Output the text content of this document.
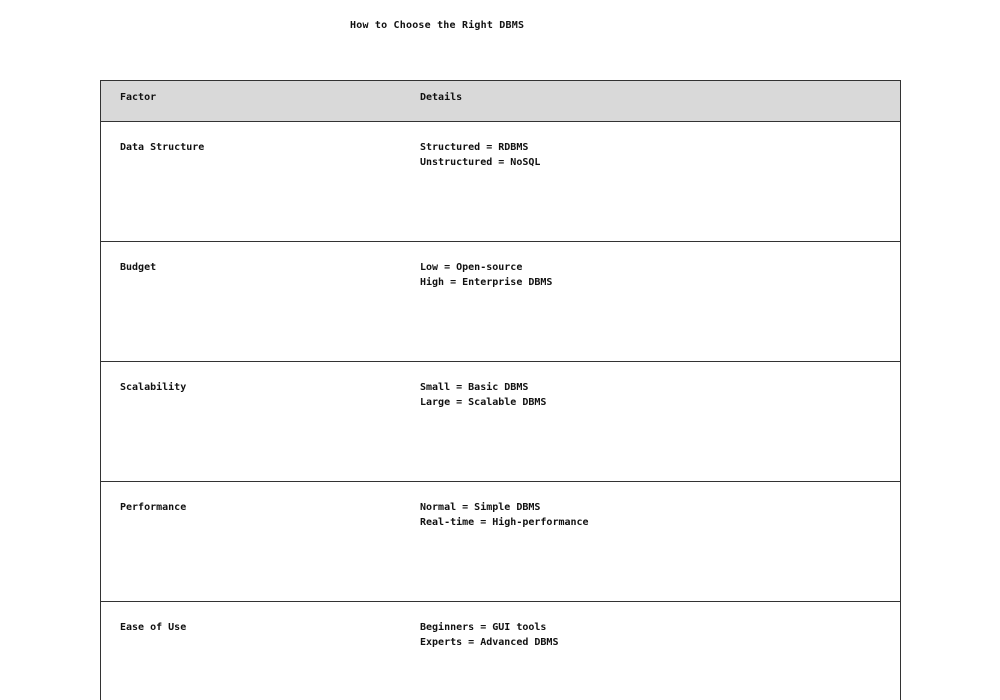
How to Choose the Right DBMS
Factor	Details
Data Structure	Structured = RDBMS
Unstructured = NoSQL
Budget	Low = Open-source
High = Enterprise DBMS
Scalability	Small = Basic DBMS
Large = Scalable DBMS
Performance	Normal = Simple DBMS
Real-time = High-performance
Ease of Use	Beginners = GUI tools
Experts = Advanced DBMS
